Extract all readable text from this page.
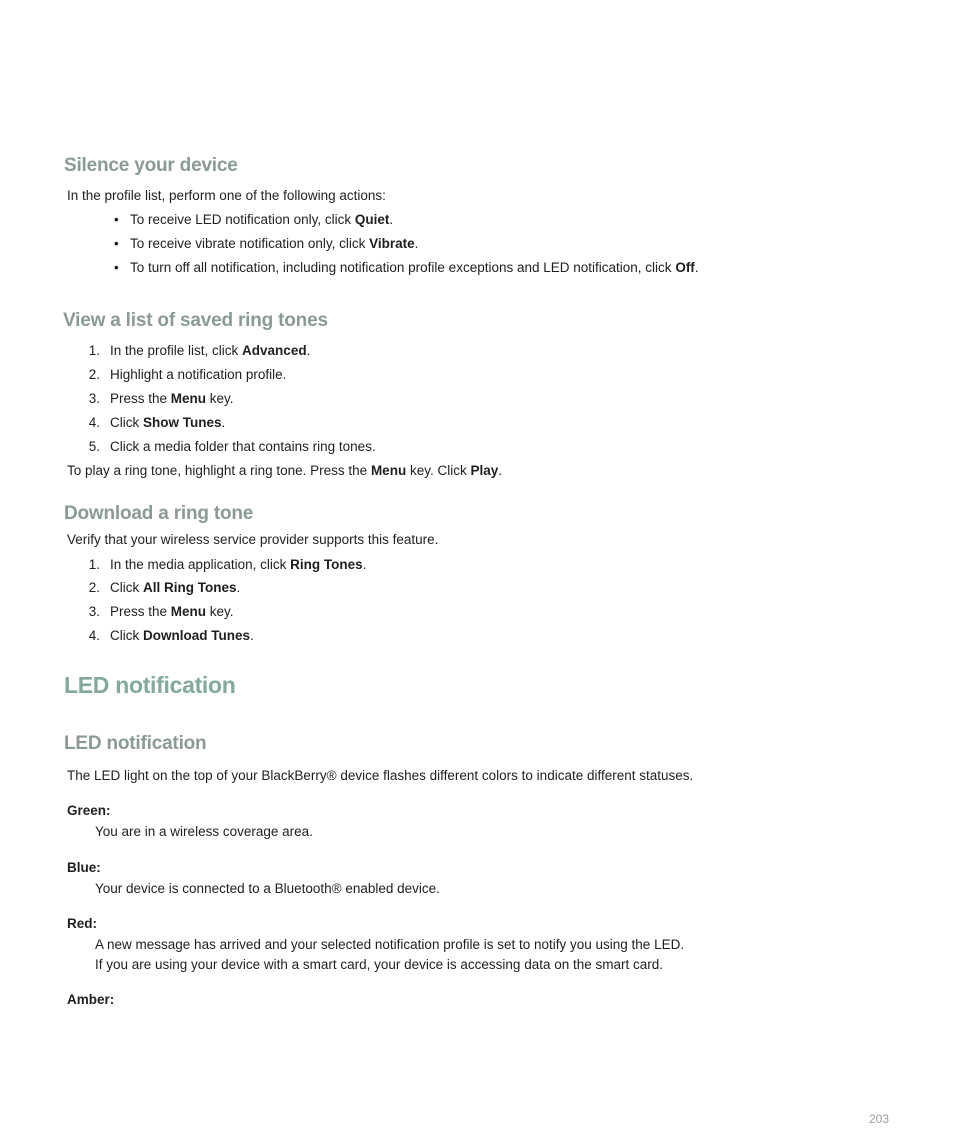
Silence your device
In the profile list, perform one of the following actions:
• To receive LED notification only, click Quiet.
• To receive vibrate notification only, click Vibrate.
• To turn off all notification, including notification profile exceptions and LED notification, click Off.
View a list of saved ring tones
1. In the profile list, click Advanced.
2. Highlight a notification profile.
3. Press the Menu key.
4. Click Show Tunes.
5. Click a media folder that contains ring tones.
To play a ring tone, highlight a ring tone. Press the Menu key. Click Play.
Download a ring tone
Verify that your wireless service provider supports this feature.
1. In the media application, click Ring Tones.
2. Click All Ring Tones.
3. Press the Menu key.
4. Click Download Tunes.
LED notification
LED notification
The LED light on the top of your BlackBerry® device flashes different colors to indicate different statuses.
Green:
You are in a wireless coverage area.
Blue:
Your device is connected to a Bluetooth® enabled device.
Red:
A new message has arrived and your selected notification profile is set to notify you using the LED.
If you are using your device with a smart card, your device is accessing data on the smart card.
Amber:
203
